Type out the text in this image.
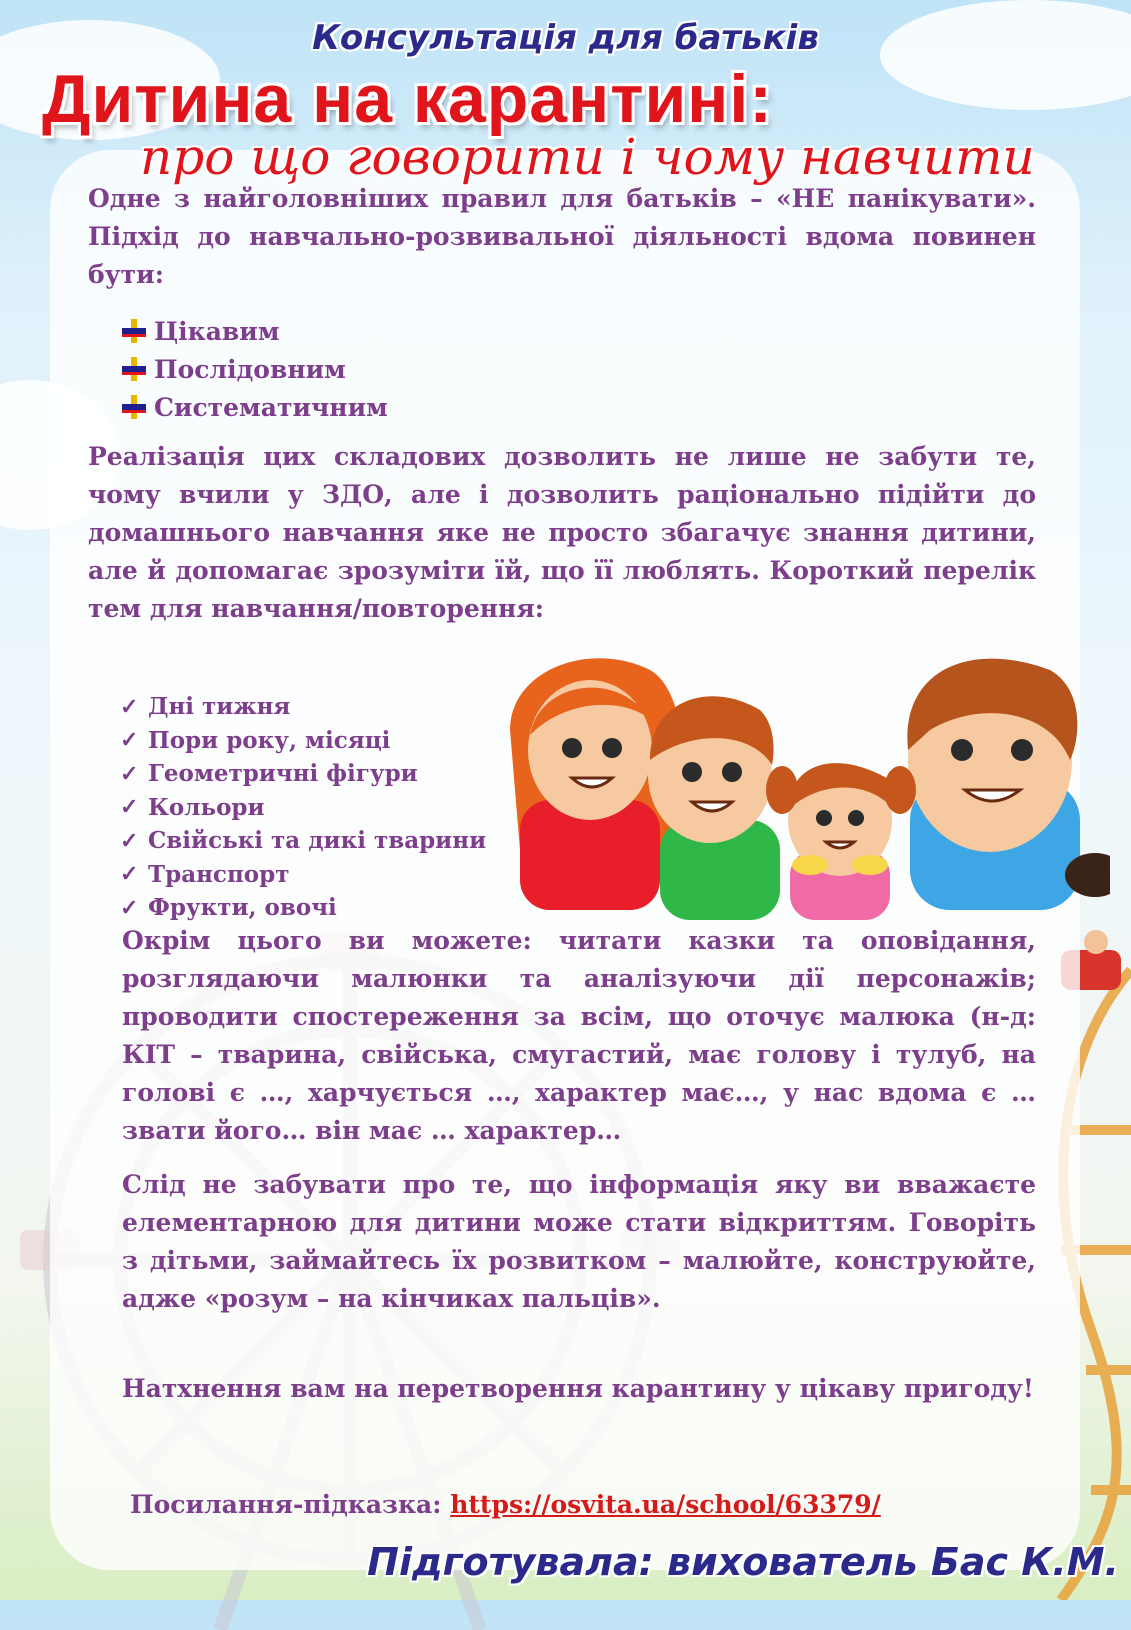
Консультація для батьків
Дитина на карантині:
про що говорити і чому навчити
Одне з найголовніших правил для батьків – «НЕ панікувати». Підхід до навчально-розвивальної діяльності вдома повинен бути:
Цікавим
Послідовним
Систематичним
Реалізація цих складових дозволить не лише не забути те, чому вчили у ЗДО, але і дозволить раціонально підійти до домашнього навчання яке не просто збагачує знання дитини, але й допомагає зрозуміти їй, що її люблять. Короткий перелік тем для навчання/повторення:
✓ Дні тижня
✓ Пори року, місяці
✓ Геометричні фігури
✓ Кольори
✓ Свійські та дикі тварини
✓ Транспорт
✓ Фрукти, овочі
Окрім цього ви можете: читати казки та оповідання, розглядаючи малюнки та аналізуючи дії персонажів; проводити спостереження за всім, що оточує малюка (н-д: КІТ – тварина, свійська, смугастий, має голову і тулуб, на голові є …, харчується …, характер має…, у нас вдома є … звати його… він має … характер…
Слід не забувати про те, що інформація яку ви вважаєте елементарною для дитини може стати відкриттям. Говоріть з дітьми, займайтесь їх розвитком – малюйте, конструюйте, адже «розум – на кінчиках пальців».
Натхнення вам на перетворення карантину у цікаву пригоду!
Посилання-підказка: https://osvita.ua/school/63379/
Підготувала: вихователь Бас К.М.
